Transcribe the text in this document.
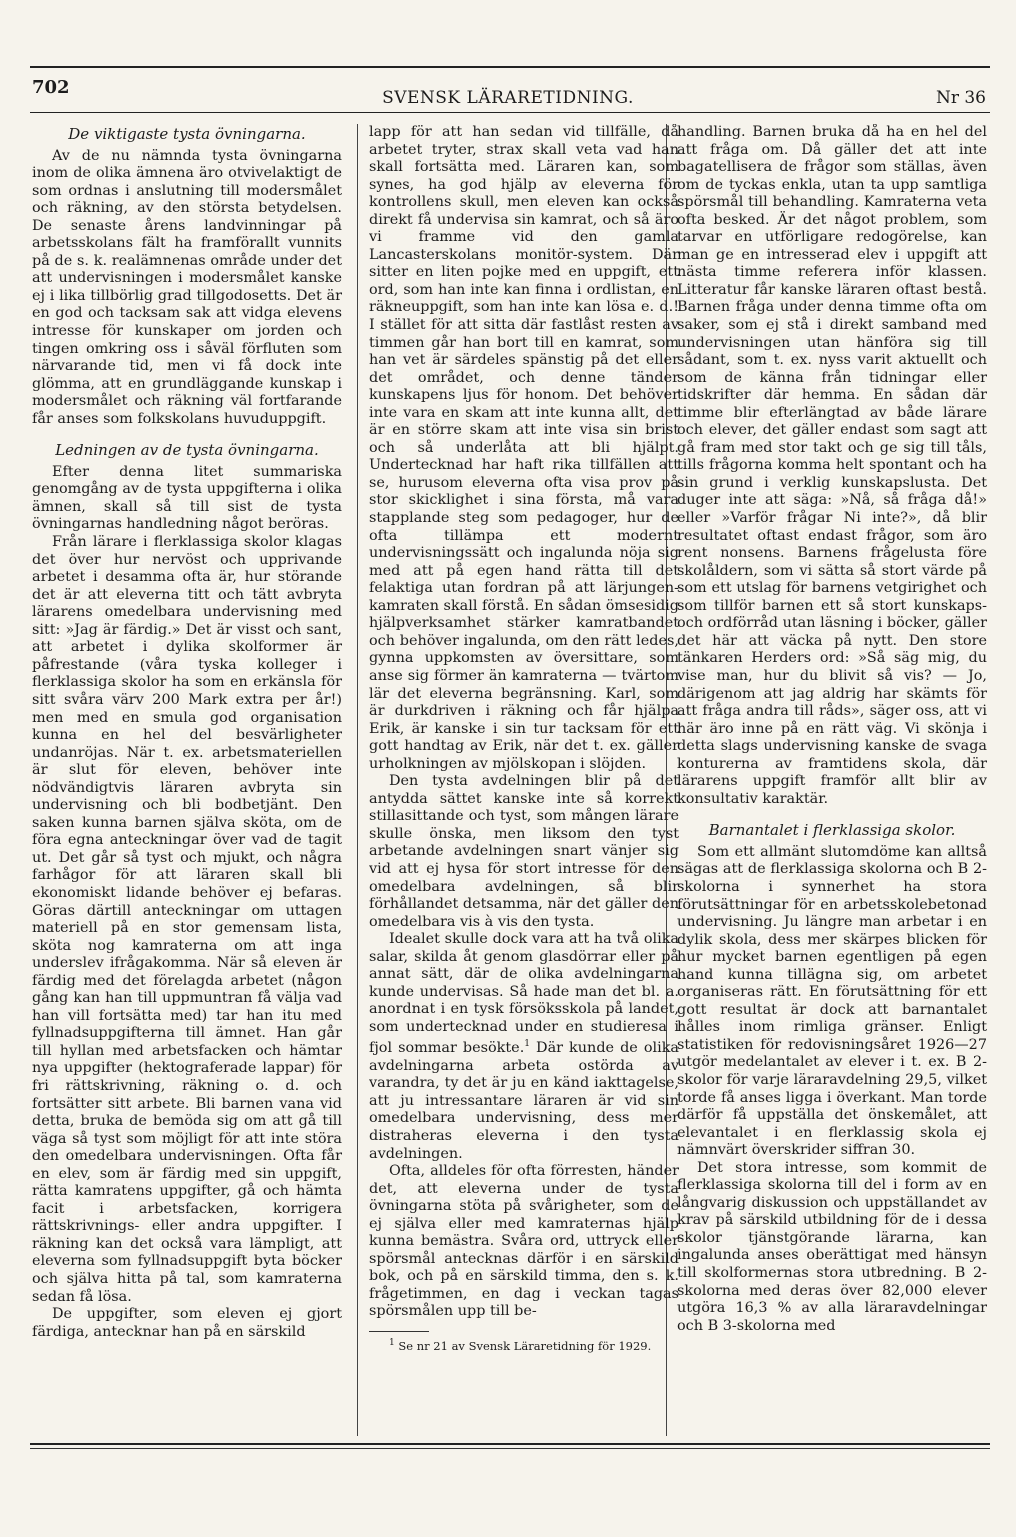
702	SVENSK LÄRARETIDNING.	Nr 36
De viktigaste tysta övningarna.

Av de nu nämnda tysta övningarna inom de olika ämnena äro otvivelaktigt de som ordnas i anslutning till modersmålet och räkning, av den största betydelsen. De senaste årens landvinningar på arbetsskolans fält ha framförallt vunnits på de s. k. realämnenas område under det att undervisningen i modersmålet kanske ej i lika tillbörlig grad tillgodosetts. Det är en god och tacksam sak att vidga elevens intresse för kunskaper om jorden och tingen omkring oss i såväl förfluten som närvarande tid, men vi få dock inte glömma, att en grundläggande kunskap i modersmålet och räkning väl fortfarande får anses som folkskolans huvuduppgift.

Ledningen av de tysta övningarna.

Efter denna litet summariska genomgång av de tysta uppgifterna i olika ämnen, skall så till sist de tysta övningarnas handledning något beröras.

Från lärare i flerklassiga skolor klagas det över hur nervöst och upprivande arbetet i desamma ofta är, hur störande det är att eleverna titt och tätt avbryta lärarens omedelbara undervisning med sitt: »Jag är färdig.» Det är visst och sant, att arbetet i dylika skolformer är påfrestande (våra tyska kolleger i flerklassiga skolor ha som en erkänsla för sitt svåra värv 200 Mark extra per år!) men med en smula god organisation kunna en hel del besvärligheter undanröjas. När t. ex. arbetsmateriellen är slut för eleven, behöver inte nödvändigtvis läraren avbryta sin undervisning och bli bodbetjänt. Den saken kunna barnen själva sköta, om de föra egna anteckningar över vad de tagit ut. Det går så tyst och mjukt, och några farhågor för att läraren skall bli ekonomiskt lidande behöver ej befaras. Göras därtill anteckningar om uttagen materiell på en stor gemensam lista, sköta nog kamraterna om att inga underslev ifrågakomma. När så eleven är färdig med det förelagda arbetet (någon gång kan han till uppmuntran få välja vad han vill fortsätta med) tar han itu med fyllnadsuppgifterna till ämnet. Han går till hyllan med arbetsfacken och hämtar nya uppgifter (hektograferade lappar) för fri rättskrivning, räkning o. d. och fortsätter sitt arbete. Bli barnen vana vid detta, bruka de bemöda sig om att gå till väga så tyst som möjligt för att inte störa den omedelbara undervisningen. Ofta får en elev, som är färdig med sin uppgift, rätta kamratens uppgifter, gå och hämta facit i arbetsfacken, korrigera rättskrivnings- eller andra uppgifter. I räkning kan det också vara lämpligt, att eleverna som fyllnadsuppgift byta böcker och själva hitta på tal, som kamraterna sedan få lösa.

De uppgifter, som eleven ej gjort färdiga, antecknar han på en särskild

lapp för att han sedan vid tillfälle, då arbetet tryter, strax skall veta vad han skall fortsätta med. Läraren kan, som synes, ha god hjälp av eleverna för kontrollens skull, men eleven kan också direkt få undervisa sin kamrat, och så äro vi framme vid den gamla Lancasterskolans monitör-system. Där sitter en liten pojke med en uppgift, ett ord, som han inte kan finna i ordlistan, en räkneuppgift, som han inte kan lösa e. d.! I stället för att sitta där fastlåst resten av timmen går han bort till en kamrat, som han vet är särdeles spänstig på det eller det området, och denne tänder kunskapens ljus för honom. Det behöver inte vara en skam att inte kunna allt, det är en större skam att inte visa sin brist och så underlåta att bli hjälpt. Undertecknad har haft rika tillfällen att se, hurusom eleverna ofta visa prov på stor skicklighet i sina första, må vara stapplande steg som pedagoger, hur de ofta tillämpa ett modernt undervisningssätt och ingalunda nöja sig med att på egen hand rätta till det felaktiga utan fordran på att lärjungen-kamraten skall förstå. En sådan ömsesidig hjälpverksamhet stärker kamratbandet och behöver ingalunda, om den rätt ledes, gynna uppkomsten av översittare, som anse sig förmer än kamraterna — tvärtom lär det eleverna begränsning. Karl, som är durkdriven i räkning och får hjälpa Erik, är kanske i sin tur tacksam för ett gott handtag av Erik, när det t. ex. gäller urholkningen av mjölskopan i slöjden.

Den tysta avdelningen blir på det antydda sättet kanske inte så korrekt stillasittande och tyst, som mången lärare skulle önska, men liksom den tyst arbetande avdelningen snart vänjer sig vid att ej hysa för stort intresse för den omedelbara avdelningen, så blir förhållandet detsamma, när det gäller den omedelbara vis à vis den tysta.

Idealet skulle dock vara att ha två olika salar, skilda åt genom glasdörrar eller på annat sätt, där de olika avdelningarna kunde undervisas. Så hade man det bl. a. anordnat i en tysk försöksskola på landet, som undertecknad under en studieresa i fjol sommar besökte.$^1$ Där kunde de olika avdelningarna arbeta ostörda av varandra, ty det är ju en känd iakttagelse, att ju intressantare läraren är vid sin omedelbara undervisning, dess mer distraheras eleverna i den tysta avdelningen.

Ofta, alldeles för ofta förresten, händer det, att eleverna under de tysta övningarna stöta på svårigheter, som de ej själva eller med kamraternas hjälp kunna bemästra. Svåra ord, uttryck eller spörsmål antecknas därför i en särskild bok, och på en särskild timma, den s. k. frågetimmen, en dag i veckan tagas spörsmålen upp till be-

$^1$ Se nr 21 av Svensk Läraretidning för 1929.

handling. Barnen bruka då ha en hel del att fråga om. Då gäller det att inte bagatellisera de frågor som ställas, även om de tyckas enkla, utan ta upp samtliga spörsmål till behandling. Kamraterna veta ofta besked. Är det något problem, som tarvar en utförligare redogörelse, kan man ge en intresserad elev i uppgift att nästa timme referera inför klassen. Litteratur får kanske läraren oftast bestå. Barnen fråga under denna timme ofta om saker, som ej stå i direkt samband med undervisningen utan hänföra sig till sådant, som t. ex. nyss varit aktuellt och som de känna från tidningar eller tidskrifter där hemma. En sådan där timme blir efterlängtad av både lärare och elever, det gäller endast som sagt att gå fram med stor takt och ge sig till tåls, tills frågorna komma helt spontant och ha sin grund i verklig kunskapslusta. Det duger inte att säga: »Nå, så fråga då!» eller »Varför frågar Ni inte?», då blir resultatet oftast endast frågor, som äro rent nonsens. Barnens frågelusta före skolåldern, som vi sätta så stort värde på som ett utslag för barnens vetgirighet och som tillför barnen ett så stort kunskaps- och ordförråd utan läsning i böcker, gäller det här att väcka på nytt. Den store tänkaren Herders ord: »Så säg mig, du vise man, hur du blivit så vis? — Jo, därigenom att jag aldrig har skämts för att fråga andra till råds», säger oss, att vi här äro inne på en rätt väg. Vi skönja i detta slags undervisning kanske de svaga konturerna av framtidens skola, där lärarens uppgift framför allt blir av konsultativ karaktär.

Barnantalet i flerklassiga skolor.

Som ett allmänt slutomdöme kan alltså sägas att de flerklassiga skolorna och B 2-skolorna i synnerhet ha stora förutsättningar för en arbetsskolebetonad undervisning. Ju längre man arbetar i en dylik skola, dess mer skärpes blicken för hur mycket barnen egentligen på egen hand kunna tillägna sig, om arbetet organiseras rätt. En förutsättning för ett gott resultat är dock att barnantalet hålles inom rimliga gränser. Enligt statistiken för redovisningsåret 1926—27 utgör medelantalet av elever i t. ex. B 2-skolor för varje läraravdelning 29,5, vilket torde få anses ligga i överkant. Man torde därför få uppställa det önskemålet, att elevantalet i en flerklassig skola ej nämnvärt överskrider siffran 30.

Det stora intresse, som kommit de flerklassiga skolorna till del i form av en långvarig diskussion och uppställandet av krav på särskild utbildning för de i dessa skolor tjänstgörande lärarna, kan ingalunda anses oberättigat med hänsyn till skolformernas stora utbredning. B 2-skolorna med deras över 82,000 elever utgöra 16,3 % av alla läraravdelningar och B 3-skolorna med
